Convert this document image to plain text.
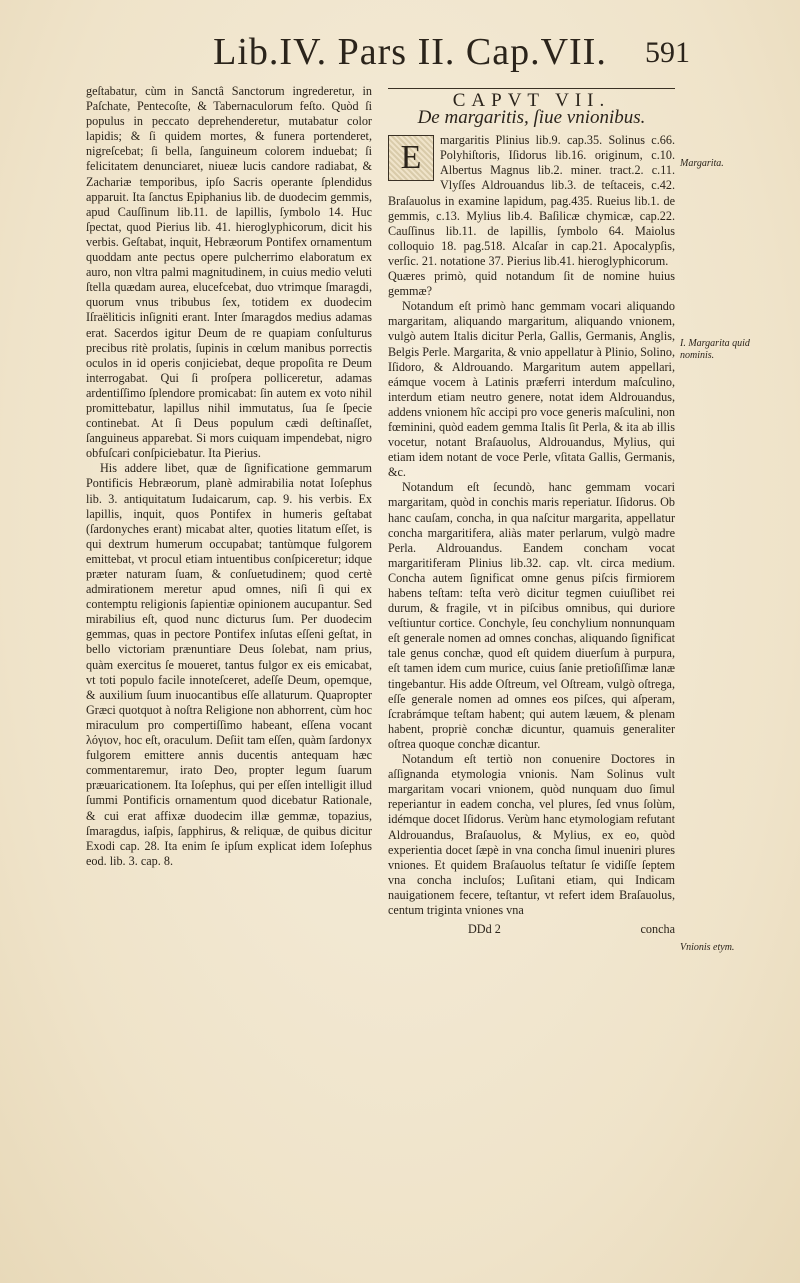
Lib.IV. Pars II. Cap.VII.	591

geſtabatur, cùm in Sanctâ Sanctorum ingrederetur, in Paſchate, Pentecoſte, & Tabernaculorum feſto. Quòd ſi populus in peccato deprehenderetur, mutabatur color lapidis; & ſi quidem mortes, & funera portenderet, nigreſcebat; ſi bella, ſanguineum colorem induebat; ſi felicitatem denunciaret, niueæ lucis candore radiabat, & Zachariæ temporibus, ipſo Sacris operante ſplendidus apparuit. Ita ſanctus Epiphanius lib. de duodecim gemmis, apud Cauſſinum lib.11. de lapillis, ſymbolo 14. Huc ſpectat, quod Pierius lib. 41. hieroglyphicorum, dicit his verbis. Geſtabat, inquit, Hebræorum Pontifex ornamentum quoddam ante pectus opere pulcherrimo elaboratum ex auro, non vltra palmi magnitudinem, in cuius medio veluti ſtella quædam aurea, elucefcebat, duo vtrimque ſmaragdi, quorum vnus tribubus ſex, totidem ex duodecim Iſraëliticis inſigniti erant. Inter ſmaragdos medius adamas erat. Sacerdos igitur Deum de re quapiam conſulturus precibus ritè prolatis, ſupinis in cœlum manibus porrectis oculos in id operis conjiciebat, deque propoſita re Deum interrogabat. Qui ſi proſpera polliceretur, adamas ardentiſſimo ſplendore promicabat: ſin autem ex voto nihil promittebatur, lapillus nihil immutatus, ſua ſe ſpecie continebat. At ſi Deus populum cædi deſtinaſſet, ſanguineus apparebat. Si mors cuiquam impendebat, nigro obfuſcari conſpiciebatur. Ita Pierius.

His addere libet, quæ de ſignificatione gemmarum Pontificis Hebræorum, planè admirabilia notat Ioſephus lib. 3. antiquitatum Iudaicarum, cap. 9. his verbis. Ex lapillis, inquit, quos Pontifex in humeris geſtabat (ſardonyches erant) micabat alter, quoties litatum eſſet, is qui dextrum humerum occupabat; tantùmque fulgorem emittebat, vt procul etiam intuentibus conſpiceretur; idque præter naturam ſuam, & conſuetudinem; quod certè admirationem meretur apud omnes, niſi ſi qui ex contemptu religionis ſapientiæ opinionem aucupantur. Sed mirabilius eſt, quod nunc dicturus ſum. Per duodecim gemmas, quas in pectore Pontifex inſutas eſſeni geſtat, in bello victoriam prænuntiare Deus ſolebat, nam prius, quàm exercitus ſe moueret, tantus fulgor ex eis emicabat, vt toti populo facile innoteſceret, adeſſe Deum, opemque, & auxilium ſuum inuocantibus eſſe allaturum. Quapropter Græci quotquot à noſtra Religione non abhorrent, cùm hoc miraculum pro compertiſſimo habeant, eſſena vocant λόγιον, hoc eſt, oraculum. Deſiit tam eſſen, quàm ſardonyx fulgorem emittere annis ducentis antequam hæc commentaremur, irato Deo, propter legum ſuarum præuaricationem. Ita Ioſephus, qui per eſſen intelligit illud ſummi Pontificis ornamentum quod dicebatur Rationale, & cui erat affixæ duodecim illæ gemmæ, topazius, ſmaragdus, iaſpis, ſapphirus, & reliquæ, de quibus dicitur Exodi cap. 28. Ita enim ſe ipſum explicat idem Ioſephus eod. lib. 3. cap. 8.

CAPVT VII.
De margaritis, ſiue vnionibus.

E	margaritis Plinius lib.9. cap.35. Solinus c.66. Polyhiſtoris, Iſidorus lib.16. originum, c.10. Albertus Magnus lib.2. miner. tract.2. c.11. Vlyſſes Aldrouandus lib.3. de teſtaceis, c.42. Braſauolus in examine lapidum, pag.435. Rueius lib.1. de gemmis, c.13. Mylius lib.4. Baſilicæ chymicæ, cap.22. Cauſſinus lib.11. de lapillis, ſymbolo 64. Maiolus colloquio 18. pag.518. Alcaſar in cap.21. Apocalypſis, verſic. 21. notatione 37. Pierius lib.41. hieroglyphicorum.

Quæres primò, quid notandum ſit de nomine huius gemmæ?

Notandum eſt primò hanc gemmam vocari aliquando margaritam, aliquando margaritum, aliquando vnionem, vulgò autem Italis dicitur Perla, Gallis, Germanis, Anglis, Belgis Perle. Margarita, & vnio appellatur à Plinio, Solino, Iſidoro, & Aldrouando. Margaritum autem appellari, eámque vocem à Latinis præferri interdum maſculino, interdum etiam neutro genere, notat idem Aldrouandus, addens vnionem hîc accipi pro voce generis maſculini, non fœminini, quòd eadem gemma Italis ſit Perla, & ita ab illis vocetur, notant Braſauolus, Aldrouandus, Mylius, qui etiam idem notant de voce Perle, vſitata Gallis, Germanis, &c.

Notandum eſt ſecundò, hanc gemmam vocari margaritam, quòd in conchis maris reperiatur. Iſidorus. Ob hanc cauſam, concha, in qua naſcitur margarita, appellatur concha margaritifera, aliàs mater perlarum, vulgò madre Perla. Aldrouandus. Eandem concham vocat margaritiferam Plinius lib.32. cap. vlt. circa medium. Concha autem ſignificat omne genus piſcis firmiorem habens teſtam: teſta verò dicitur tegmen cuiuſlibet rei durum, & fragile, vt in piſcibus omnibus, qui duriore veſtiuntur cortice. Conchyle, ſeu conchylium nonnunquam eſt generale nomen ad omnes conchas, aliquando ſignificat tale genus conchæ, quod eſt quidem diuerſum à purpura, eſt tamen idem cum murice, cuius ſanie pretioſiſſimæ lanæ tingebantur. His adde Oſtreum, vel Oſtream, vulgò oſtrega, eſſe generale nomen ad omnes eos piſces, qui aſperam, ſcrabrámque teſtam habent; qui autem læuem, & plenam habent, propriè conchæ dicuntur, quamuis generaliter oſtrea quoque conchæ dicantur.

Notandum eſt tertiò non conuenire Doctores in aſſignanda etymologia vnionis. Nam Solinus vult margaritam vocari vnionem, quòd nunquam duo ſimul reperiantur in eadem concha, vel plures, ſed vnus ſolùm, idémque docet Iſidorus. Verùm hanc etymologiam refutant Aldrouandus, Braſauolus, & Mylius, ex eo, quòd experientia docet ſæpè in vna concha ſimul inueniri plures vniones. Et quidem Braſauolus teſtatur ſe vidiſſe ſeptem vna concha incluſos; Luſitani etiam, qui Indicam nauigationem fecere, teſtantur, vt refert idem Braſauolus, centum triginta vniones vna

DDd 2	concha
Margarita.
I. Margarita quid nominis.
Vnionis etym.
